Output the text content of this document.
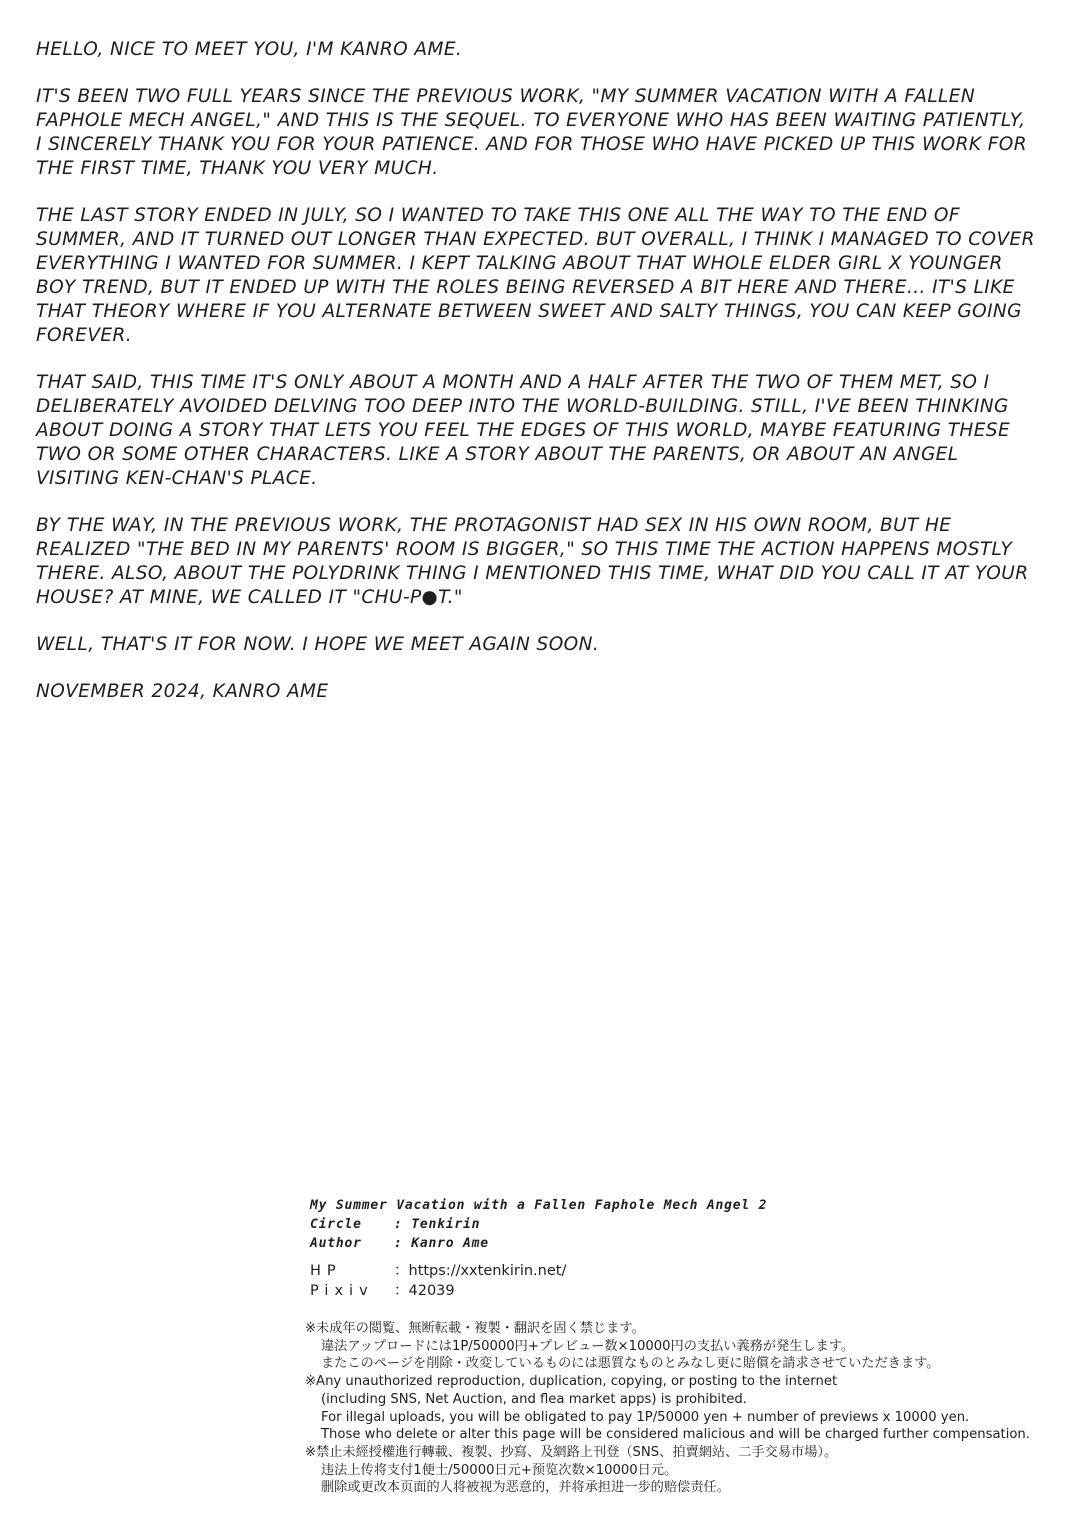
HELLO, NICE TO MEET YOU, I'M KANRO AME.

IT'S BEEN TWO FULL YEARS SINCE THE PREVIOUS WORK, "MY SUMMER VACATION WITH A FALLEN FAPHOLE MECH ANGEL," AND THIS IS THE SEQUEL. TO EVERYONE WHO HAS BEEN WAITING PATIENTLY, I SINCERELY THANK YOU FOR YOUR PATIENCE. AND FOR THOSE WHO HAVE PICKED UP THIS WORK FOR THE FIRST TIME, THANK YOU VERY MUCH.

THE LAST STORY ENDED IN JULY, SO I WANTED TO TAKE THIS ONE ALL THE WAY TO THE END OF SUMMER, AND IT TURNED OUT LONGER THAN EXPECTED. BUT OVERALL, I THINK I MANAGED TO COVER EVERYTHING I WANTED FOR SUMMER. I KEPT TALKING ABOUT THAT WHOLE ELDER GIRL X YOUNGER BOY TREND, BUT IT ENDED UP WITH THE ROLES BEING REVERSED A BIT HERE AND THERE... IT'S LIKE THAT THEORY WHERE IF YOU ALTERNATE BETWEEN SWEET AND SALTY THINGS, YOU CAN KEEP GOING FOREVER.

THAT SAID, THIS TIME IT'S ONLY ABOUT A MONTH AND A HALF AFTER THE TWO OF THEM MET, SO I DELIBERATELY AVOIDED DELVING TOO DEEP INTO THE WORLD-BUILDING. STILL, I'VE BEEN THINKING ABOUT DOING A STORY THAT LETS YOU FEEL THE EDGES OF THIS WORLD, MAYBE FEATURING THESE TWO OR SOME OTHER CHARACTERS. LIKE A STORY ABOUT THE PARENTS, OR ABOUT AN ANGEL VISITING KEN-CHAN'S PLACE.

BY THE WAY, IN THE PREVIOUS WORK, THE PROTAGONIST HAD SEX IN HIS OWN ROOM, BUT HE REALIZED "THE BED IN MY PARENTS' ROOM IS BIGGER," SO THIS TIME THE ACTION HAPPENS MOSTLY THERE. ALSO, ABOUT THE POLYDRINK THING I MENTIONED THIS TIME, WHAT DID YOU CALL IT AT YOUR HOUSE? AT MINE, WE CALLED IT "CHU-P●T."

WELL, THAT'S IT FOR NOW. I HOPE WE MEET AGAIN SOON.

NOVEMBER 2024, KANRO AME

My Summer Vacation with a Fallen Faphole Mech Angel 2
Circle	: Tenkirin
Author	: Kanro Ame
HP	：https://xxtenkirin.net/
Pixiv ：42039
※未成年の閲覧、無断転載・複製・翻訳を固く禁じます。
違法アップロードには1P/50000円+プレビュー数×10000円の支払い義務が発生します。
またこのページを削除・改変しているものには悪質なものとみなし更に賠償を請求させていただきます。
※Any unauthorized reproduction, duplication, copying, or posting to the internet
(including SNS, Net Auction, and flea market apps) is prohibited.
For illegal uploads, you will be obligated to pay 1P/50000 yen + number of previews x 10000 yen.
Those who delete or alter this page will be considered malicious and will be charged further compensation.
※禁止未經授權進行轉載、複製、抄寫、及網路上刊登（SNS、拍賣網站、二手交易市場）。
违法上传将支付1便士/50000日元+预览次数×10000日元。
删除或更改本页面的人将被视为恶意的，并将承担进一步的赔偿责任。
